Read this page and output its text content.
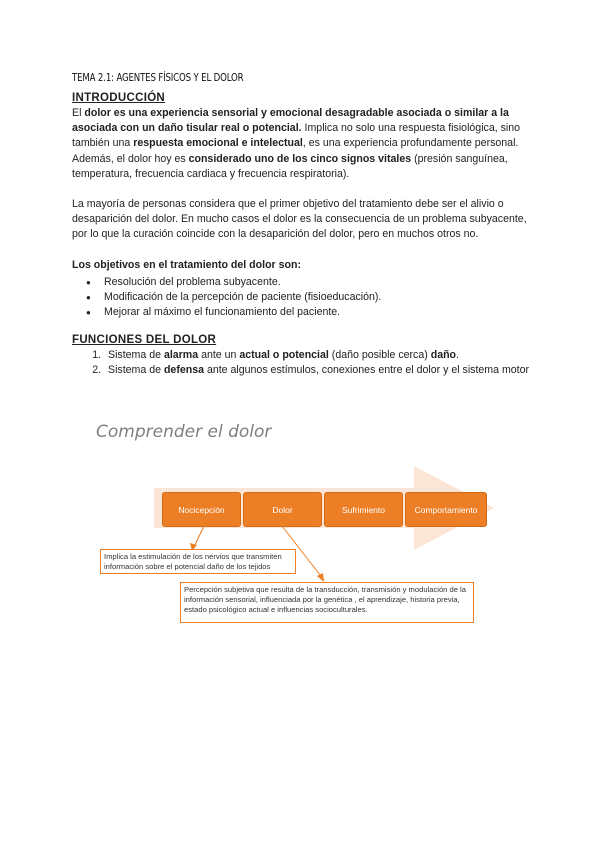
TEMA 2.1: AGENTES FÍSICOS Y EL DOLOR
INTRODUCCIÓN

El dolor es una experiencia sensorial y emocional desagradable asociada o similar a la asociada con un daño tisular real o potencial. Implica no solo una respuesta fisiológica, sino también una respuesta emocional e intelectual, es una experiencia profundamente personal. Además, el dolor hoy es considerado uno de los cinco signos vitales (presión sanguínea, temperatura, frecuencia cardiaca y frecuencia respiratoria).

La mayoría de personas considera que el primer objetivo del tratamiento debe ser el alivio o desaparición del dolor. En mucho casos el dolor es la consecuencia de un problema subyacente, por lo que la curación coincide con la desaparición del dolor, pero en muchos otros no.

Los objetivos en el tratamiento del dolor son:
● Resolución del problema subyacente.
● Modificación de la percepción de paciente (fisioeducación).
● Mejorar al máximo el funcionamiento del paciente.
FUNCIONES DEL DOLOR
1. Sistema de alarma ante un actual o potencial (daño posible cerca) daño.
2. Sistema de defensa ante algunos estímulos, conexiones entre el dolor y el sistema motor
Comprender el dolor
Nocicepción	Dolor	Sufrimiento	Comportamiento
Implica la estimulación de los nervios que transmiten información sobre el potencial daño de los tejidos
Percepción subjetiva que resulta de la transducción, transmisión y modulación de la información sensorial, influenciada por la genética , el aprendizaje, historia previa, estado psicológico actual e influencias socioculturales.
